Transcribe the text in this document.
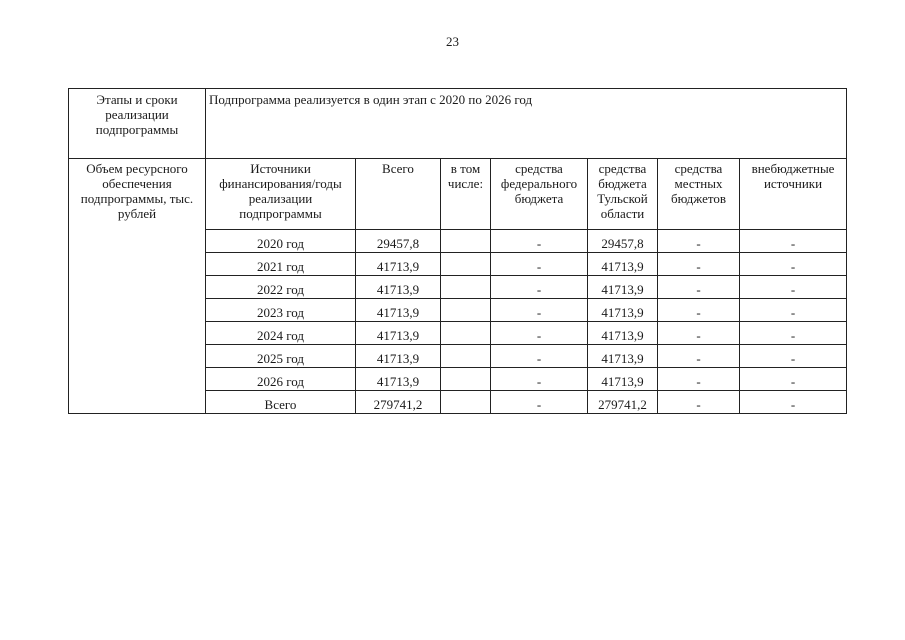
23
Этапы и сроки реализации подпрограммы	Подпрограмма реализуется в один этап с 2020 по 2026 год						
Объем ресурсного обеспечения подпрограммы, тыс. рублей	Источники финансирования/годы реализации подпрограммы	Всего	в том числе:	средства федерального бюджета	средства бюджета Тульской области	средства местных бюджетов	внебюджетные источники
	2020 год	29457,8		-	29457,8	-	-
	2021 год	41713,9		-	41713,9	-	-
	2022 год	41713,9		-	41713,9	-	-
	2023 год	41713,9		-	41713,9	-	-
	2024 год	41713,9		-	41713,9	-	-
	2025 год	41713,9		-	41713,9	-	-
	2026 год	41713,9		-	41713,9	-	-
	Всего	279741,2		-	279741,2	-	-
